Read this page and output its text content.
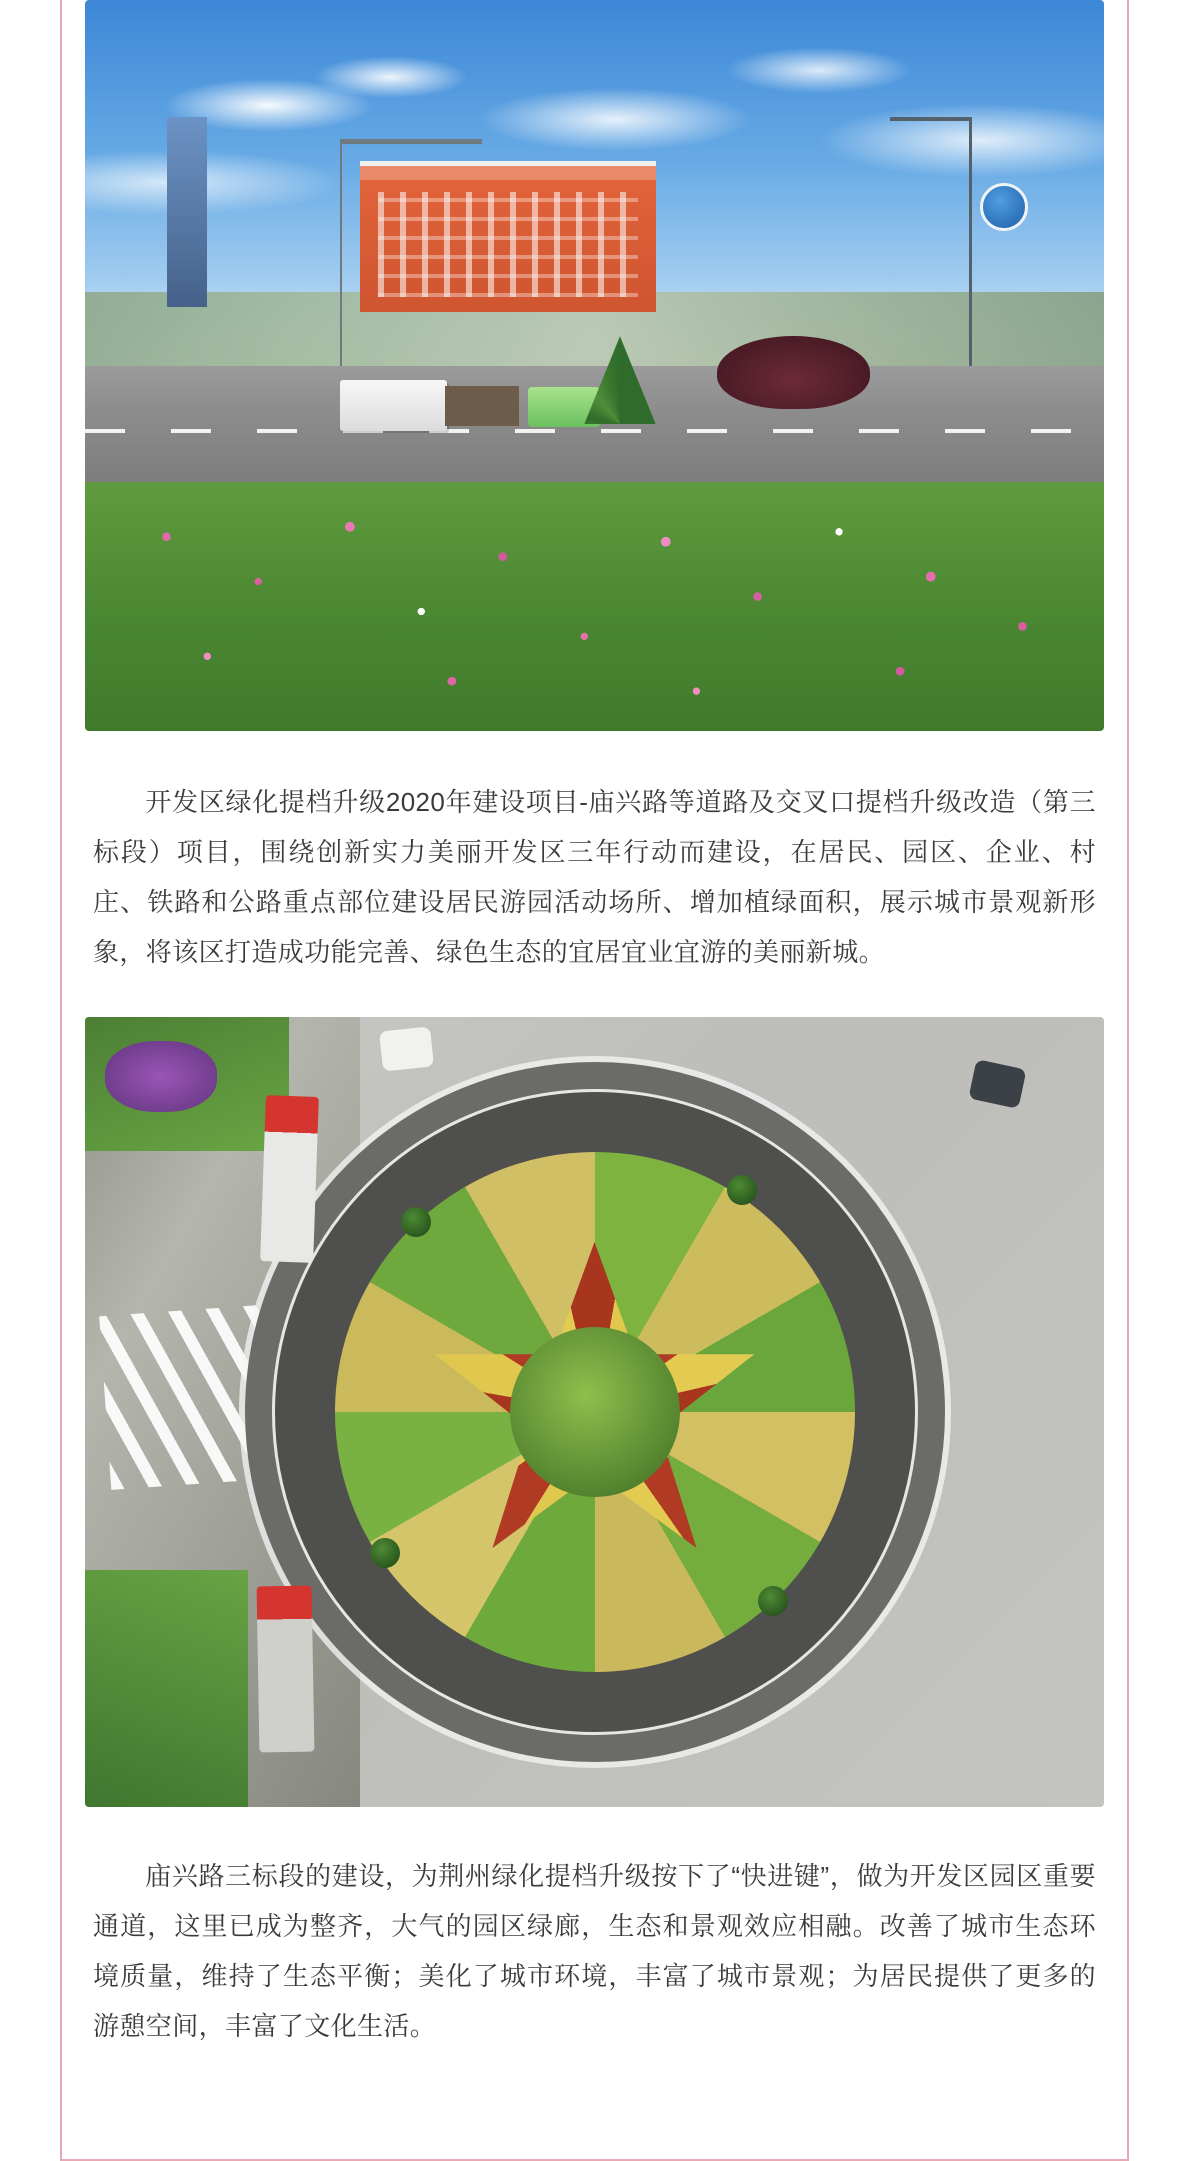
开发区绿化提档升级2020年建设项目-庙兴路等道路及交叉口提档升级改造（第三标段）项目，围绕创新实力美丽开发区三年行动而建设，在居民、园区、企业、村庄、铁路和公路重点部位建设居民游园活动场所、增加植绿面积，展示城市景观新形象，将该区打造成功能完善、绿色生态的宜居宜业宜游的美丽新城。

庙兴路三标段的建设，为荆州绿化提档升级按下了“快进键”，做为开发区园区重要通道，这里已成为整齐，大气的园区绿廊，生态和景观效应相融。改善了城市生态环境质量，维持了生态平衡；美化了城市环境，丰富了城市景观；为居民提供了更多的游憩空间，丰富了文化生活。
